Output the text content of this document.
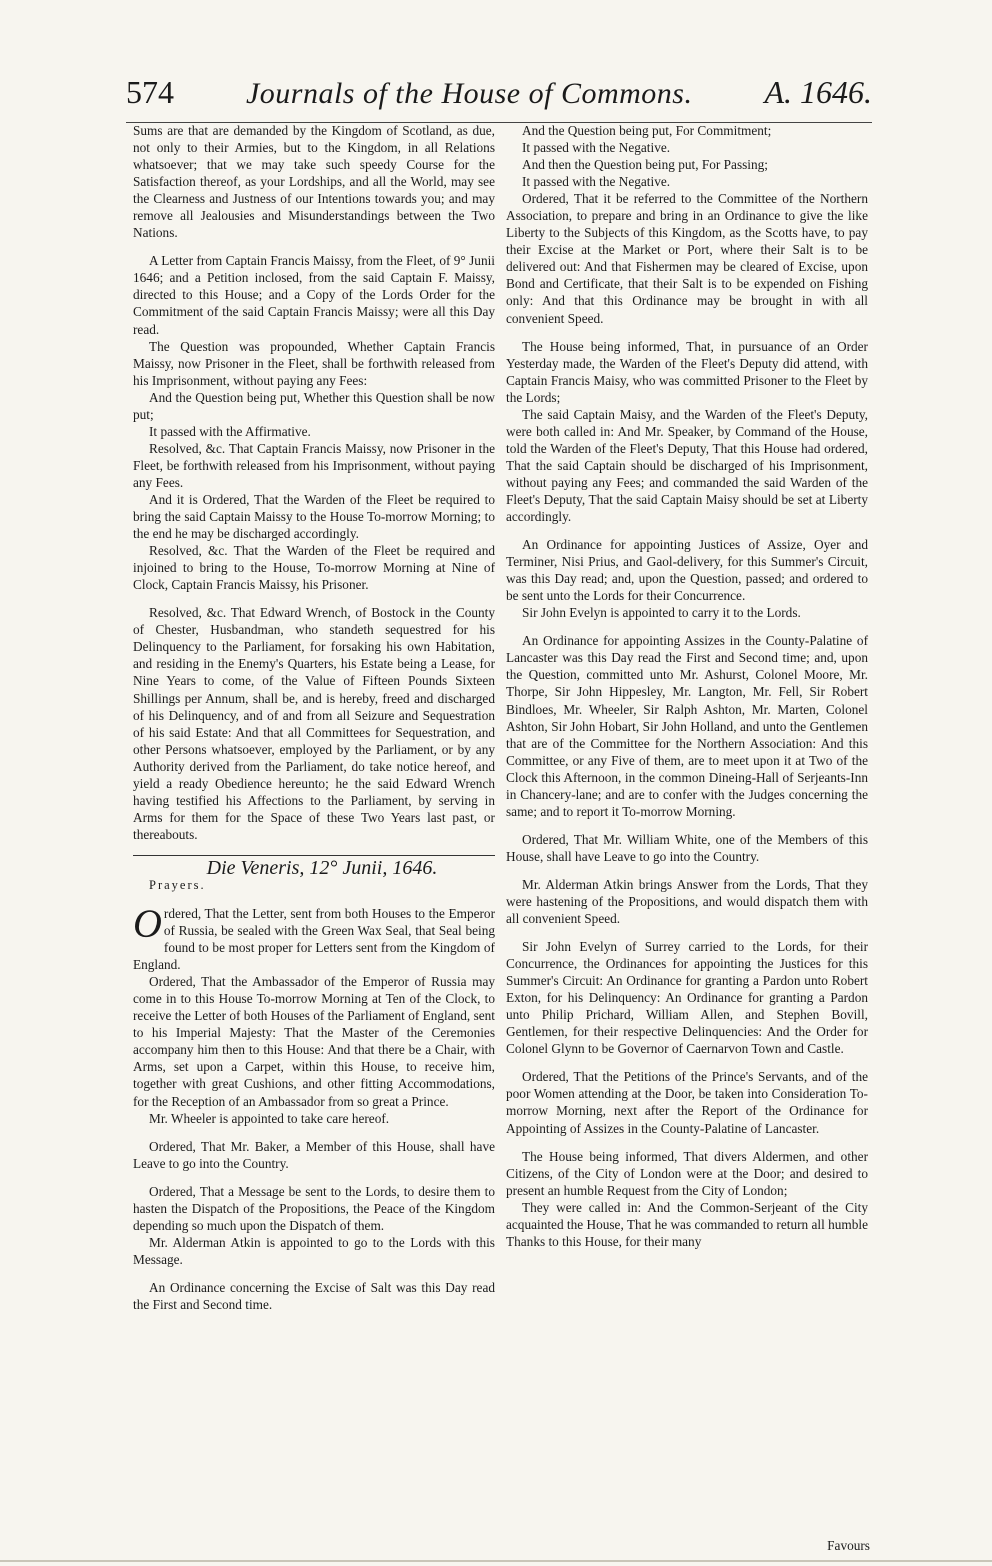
574 Journals of the House of Commons. A. 1646.

Sums are that are demanded by the Kingdom of Scotland, as due, not only to their Armies, but to the Kingdom, in all Relations whatsoever; that we may take such speedy Course for the Satisfaction thereof, as your Lordships, and all the World, may see the Clearness and Justness of our Intentions towards you; and may remove all Jealousies and Misunderstandings between the Two Nations.

A Letter from Captain Francis Maissy, from the Fleet, of 9° Junii 1646; and a Petition inclosed, from the said Captain F. Maissy, directed to this House; and a Copy of the Lords Order for the Commitment of the said Captain Francis Maissy; were all this Day read.

The Question was propounded, Whether Captain Francis Maissy, now Prisoner in the Fleet, shall be forthwith released from his Imprisonment, without paying any Fees:

And the Question being put, Whether this Question shall be now put;

It passed with the Affirmative.

Resolved, &c. That Captain Francis Maissy, now Prisoner in the Fleet, be forthwith released from his Imprisonment, without paying any Fees.

And it is Ordered, That the Warden of the Fleet be required to bring the said Captain Maissy to the House To-morrow Morning; to the end he may be discharged accordingly.

Resolved, &c. That the Warden of the Fleet be required and injoined to bring to the House, To-morrow Morning at Nine of Clock, Captain Francis Maissy, his Prisoner.

Resolved, &c. That Edward Wrench, of Bostock in the County of Chester, Husbandman, who standeth sequestred for his Delinquency to the Parliament, for forsaking his own Habitation, and residing in the Enemy's Quarters, his Estate being a Lease, for Nine Years to come, of the Value of Fifteen Pounds Sixteen Shillings per Annum, shall be, and is hereby, freed and discharged of his Delinquency, and of and from all Seizure and Sequestration of his said Estate: And that all Committees for Sequestration, and other Persons whatsoever, employed by the Parliament, or by any Authority derived from the Parliament, do take notice hereof, and yield a ready Obedience hereunto; he the said Edward Wrench having testified his Affections to the Parliament, by serving in Arms for them for the Space of these Two Years last past, or thereabouts.

Die Veneris, 12° Junii, 1646.

Prayers.

Ordered, That the Letter, sent from both Houses to the Emperor of Russia, be sealed with the Green Wax Seal, that Seal being found to be most proper for Letters sent from the Kingdom of England.

Ordered, That the Ambassador of the Emperor of Russia may come in to this House To-morrow Morning at Ten of the Clock, to receive the Letter of both Houses of the Parliament of England, sent to his Imperial Majesty: That the Master of the Ceremonies accompany him then to this House: And that there be a Chair, with Arms, set upon a Carpet, within this House, to receive him, together with great Cushions, and other fitting Accommodations, for the Reception of an Ambassador from so great a Prince.

Mr. Wheeler is appointed to take care hereof.

Ordered, That Mr. Baker, a Member of this House, shall have Leave to go into the Country.

Ordered, That a Message be sent to the Lords, to desire them to hasten the Dispatch of the Propositions, the Peace of the Kingdom depending so much upon the Dispatch of them.

Mr. Alderman Atkin is appointed to go to the Lords with this Message.

An Ordinance concerning the Excise of Salt was this Day read the First and Second time.

And the Question being put, For Commitment;

It passed with the Negative.

And then the Question being put, For Passing;

It passed with the Negative.

Ordered, That it be referred to the Committee of the Northern Association, to prepare and bring in an Ordinance to give the like Liberty to the Subjects of this Kingdom, as the Scotts have, to pay their Excise at the Market or Port, where their Salt is to be delivered out: And that Fishermen may be cleared of Excise, upon Bond and Certificate, that their Salt is to be expended on Fishing only: And that this Ordinance may be brought in with all convenient Speed.

The House being informed, That, in pursuance of an Order Yesterday made, the Warden of the Fleet's Deputy did attend, with Captain Francis Maisy, who was committed Prisoner to the Fleet by the Lords;

The said Captain Maisy, and the Warden of the Fleet's Deputy, were both called in: And Mr. Speaker, by Command of the House, told the Warden of the Fleet's Deputy, That this House had ordered, That the said Captain should be discharged of his Imprisonment, without paying any Fees; and commanded the said Warden of the Fleet's Deputy, That the said Captain Maisy should be set at Liberty accordingly.

An Ordinance for appointing Justices of Assize, Oyer and Terminer, Nisi Prius, and Gaol-delivery, for this Summer's Circuit, was this Day read; and, upon the Question, passed; and ordered to be sent unto the Lords for their Concurrence.

Sir John Evelyn is appointed to carry it to the Lords.

An Ordinance for appointing Assizes in the County-Palatine of Lancaster was this Day read the First and Second time; and, upon the Question, committed unto Mr. Ashurst, Colonel Moore, Mr. Thorpe, Sir John Hippesley, Mr. Langton, Mr. Fell, Sir Robert Bindloes, Mr. Wheeler, Sir Ralph Ashton, Mr. Marten, Colonel Ashton, Sir John Hobart, Sir John Holland, and unto the Gentlemen that are of the Committee for the Northern Association: And this Committee, or any Five of them, are to meet upon it at Two of the Clock this Afternoon, in the common Dineing-Hall of Serjeants-Inn in Chancery-lane; and are to confer with the Judges concerning the same; and to report it To-morrow Morning.

Ordered, That Mr. William White, one of the Members of this House, shall have Leave to go into the Country.

Mr. Alderman Atkin brings Answer from the Lords, That they were hastening of the Propositions, and would dispatch them with all convenient Speed.

Sir John Evelyn of Surrey carried to the Lords, for their Concurrence, the Ordinances for appointing the Justices for this Summer's Circuit: An Ordinance for granting a Pardon unto Robert Exton, for his Delinquency: An Ordinance for granting a Pardon unto Philip Prichard, William Allen, and Stephen Bovill, Gentlemen, for their respective Delinquencies: And the Order for Colonel Glynn to be Governor of Caernarvon Town and Castle.

Ordered, That the Petitions of the Prince's Servants, and of the poor Women attending at the Door, be taken into Consideration To-morrow Morning, next after the Report of the Ordinance for Appointing of Assizes in the County-Palatine of Lancaster.

The House being informed, That divers Aldermen, and other Citizens, of the City of London were at the Door; and desired to present an humble Request from the City of London;

They were called in: And the Common-Serjeant of the City acquainted the House, That he was commanded to return all humble Thanks to this House, for their many

Favours
